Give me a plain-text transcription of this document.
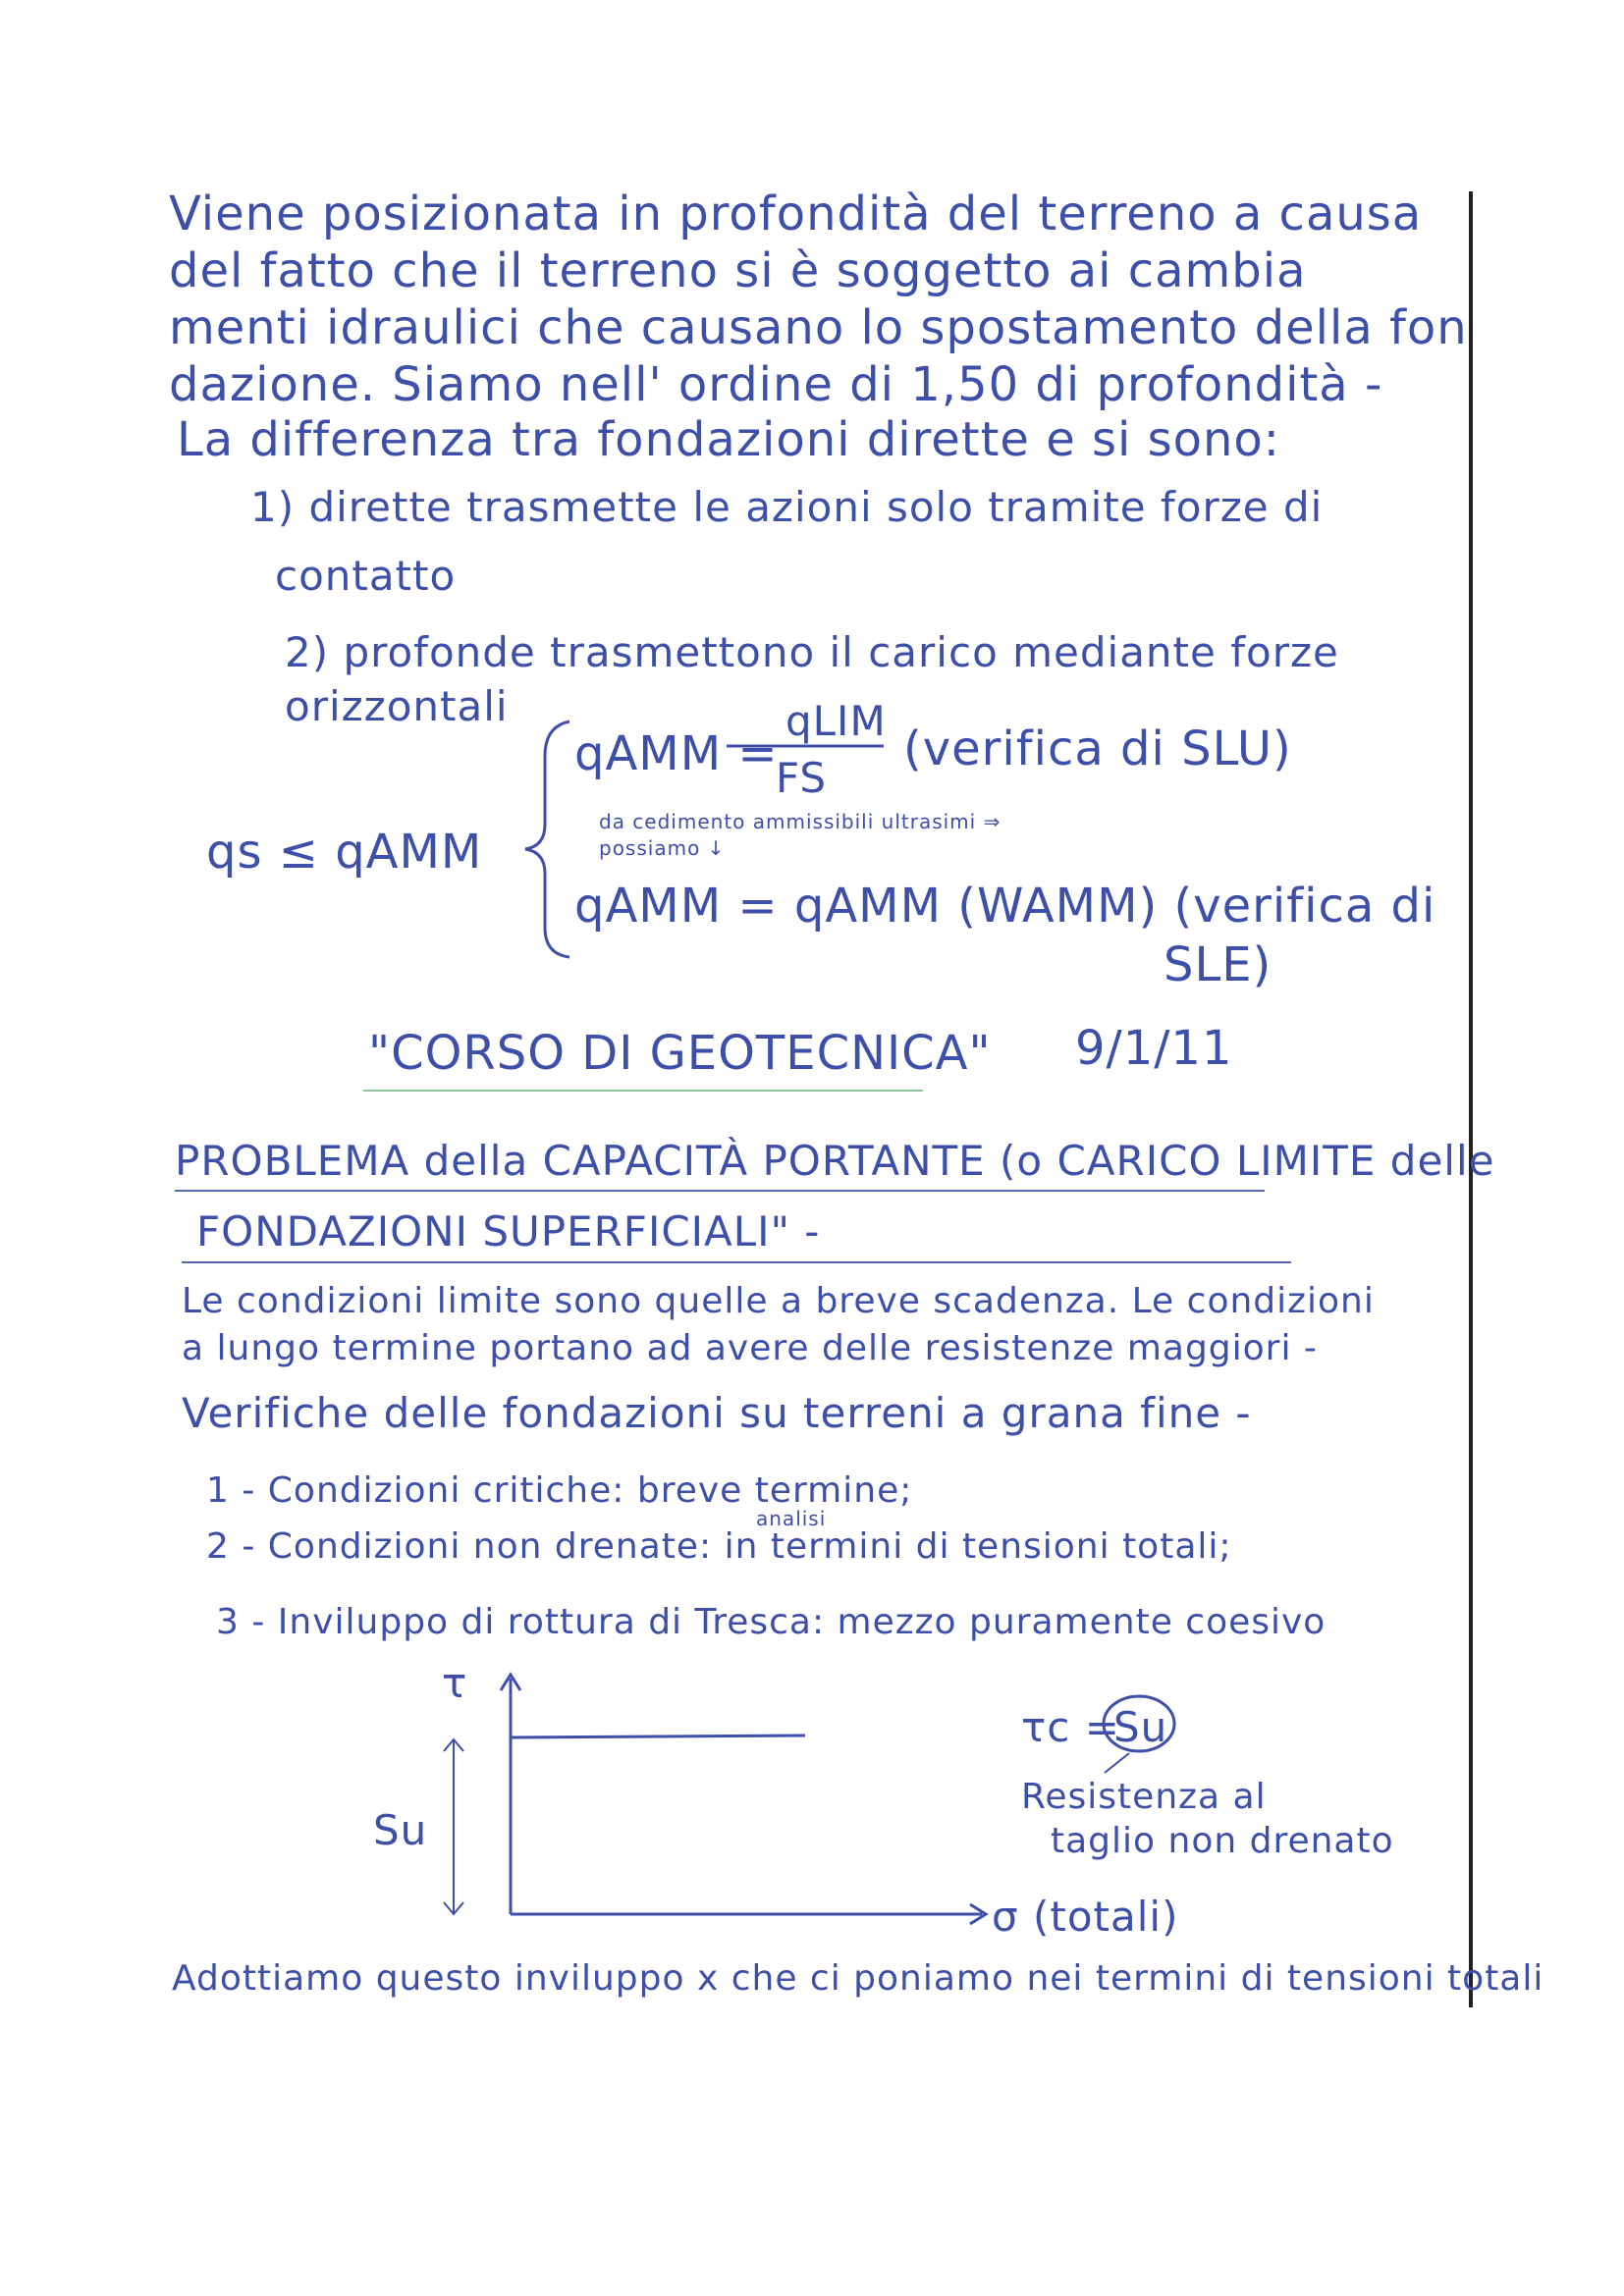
Viene posizionata in profondità del terreno a causa

del fatto che il terreno si è soggetto ai cambia

menti idraulici che causano lo spostamento della fon

dazione. Siamo nell' ordine di 1,50 di profondità -

La differenza tra fondazioni dirette e si sono:

1) dirette trasmette le azioni solo tramite forze di

contatto

2) profonde trasmettono il carico mediante forze

orizzontali

qs ≤ qAMM

qAMM =

qLIM

FS

(verifica di SLU)

da cedimento ammissibili ultrasimi ⇒

possiamo ↓

qAMM = qAMM (WAMM) (verifica di

SLE)

"CORSO DI GEOTECNICA" 9/1/11

PROBLEMA della CAPACITÀ PORTANTE (o CARICO LIMITE delle

FONDAZIONI SUPERFICIALI" -

Le condizioni limite sono quelle a breve scadenza. Le condizioni

a lungo termine portano ad avere delle resistenze maggiori -

Verifiche delle fondazioni su terreni a grana fine -

1 - Condizioni critiche: breve termine;

analisi

2 - Condizioni non drenate: in termini di tensioni totali;

3 - Inviluppo di rottura di Tresca: mezzo puramente coesivo

τ

Su

σ (totali)

τc =

Su

Resistenza al

taglio non drenato

Adottiamo questo inviluppo x che ci poniamo nei termini di tensioni totali
